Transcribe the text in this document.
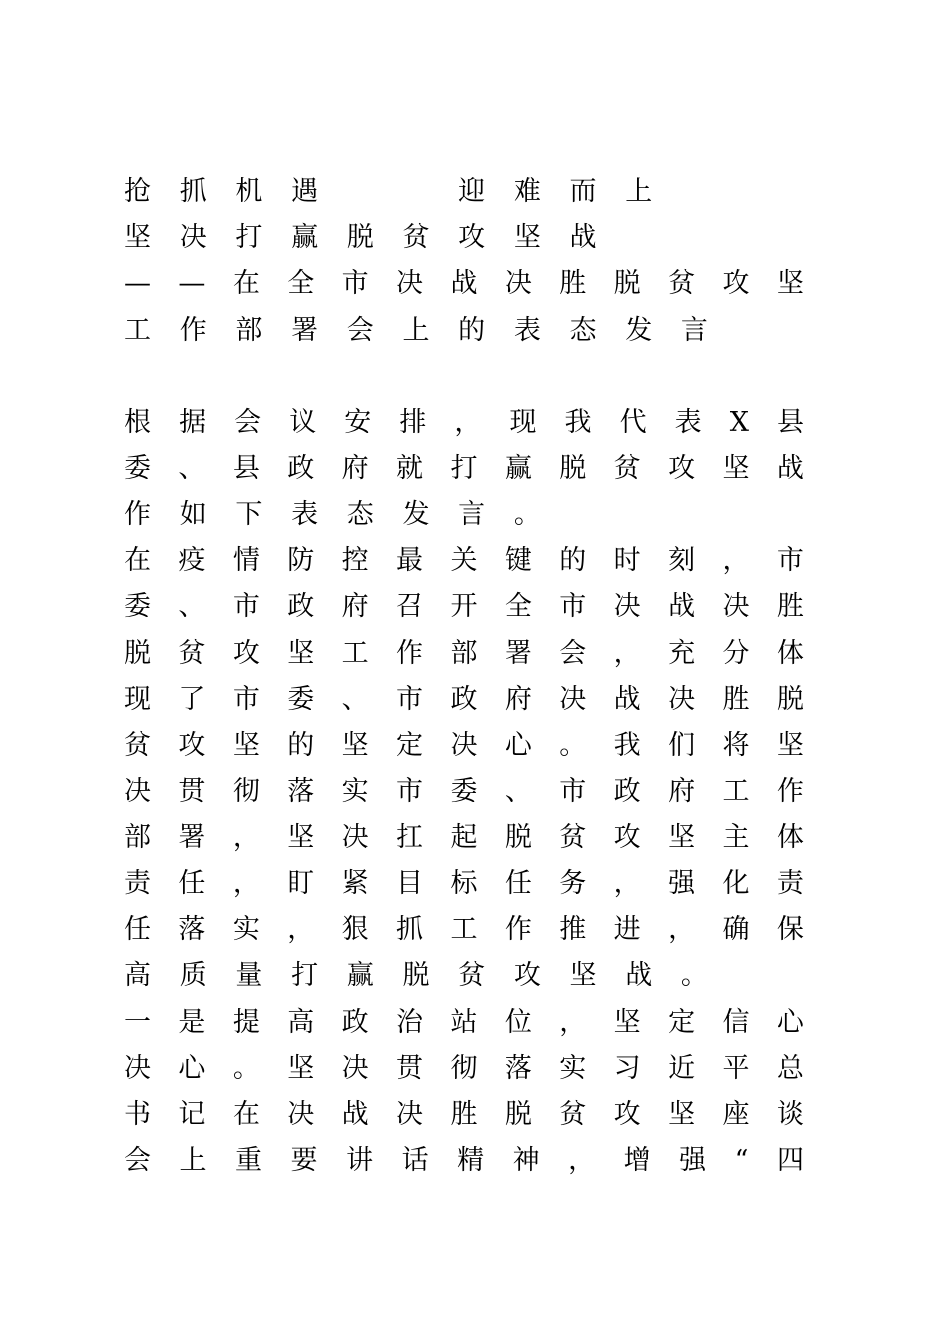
抢	抓	机	遇

　	迎	难	而	上
坚	决	打	赢	脱	贫	攻	坚	战
— — 在 全 市 决 战 决 胜 脱 贫 攻 坚
工	作	部	署	会	上	的	表	态	发	言
根 据 会 议 安 排 ， 现 我 代 表 X 县
委 、 县 政 府 就 打 赢 脱 贫 攻 坚 战
作	如	下	表	态	发	言	。
在 疫 情 防 控 最 关 键 的 时 刻 ， 市
委 、 市 政 府 召 开 全 市 决 战 决 胜
脱 贫 攻 坚 工 作 部 署 会 ， 充 分 体
现 了 市 委 、 市 政 府 决 战 决 胜 脱
贫 攻 坚 的 坚 定 决 心 。 我 们 将 坚
决 贯 彻 落 实 市 委 、 市 政 府 工 作
部 署 ， 坚 决 扛 起 脱 贫 攻 坚 主 体
责 任 ， 盯 紧 目 标 任 务 ， 强 化 责
任 落 实 ， 狠 抓 工 作 推 进 ， 确 保
高	质	量	打	赢	脱	贫	攻	坚	战	。
一 是 提 高 政 治 站 位 ， 坚 定 信 心
决 心 。 坚 决 贯 彻 落 实 习 近 平 总
书 记 在 决 战 决 胜 脱 贫 攻 坚 座 谈
会 上 重 要 讲 话 精 神 ， 增 强 “ 四
